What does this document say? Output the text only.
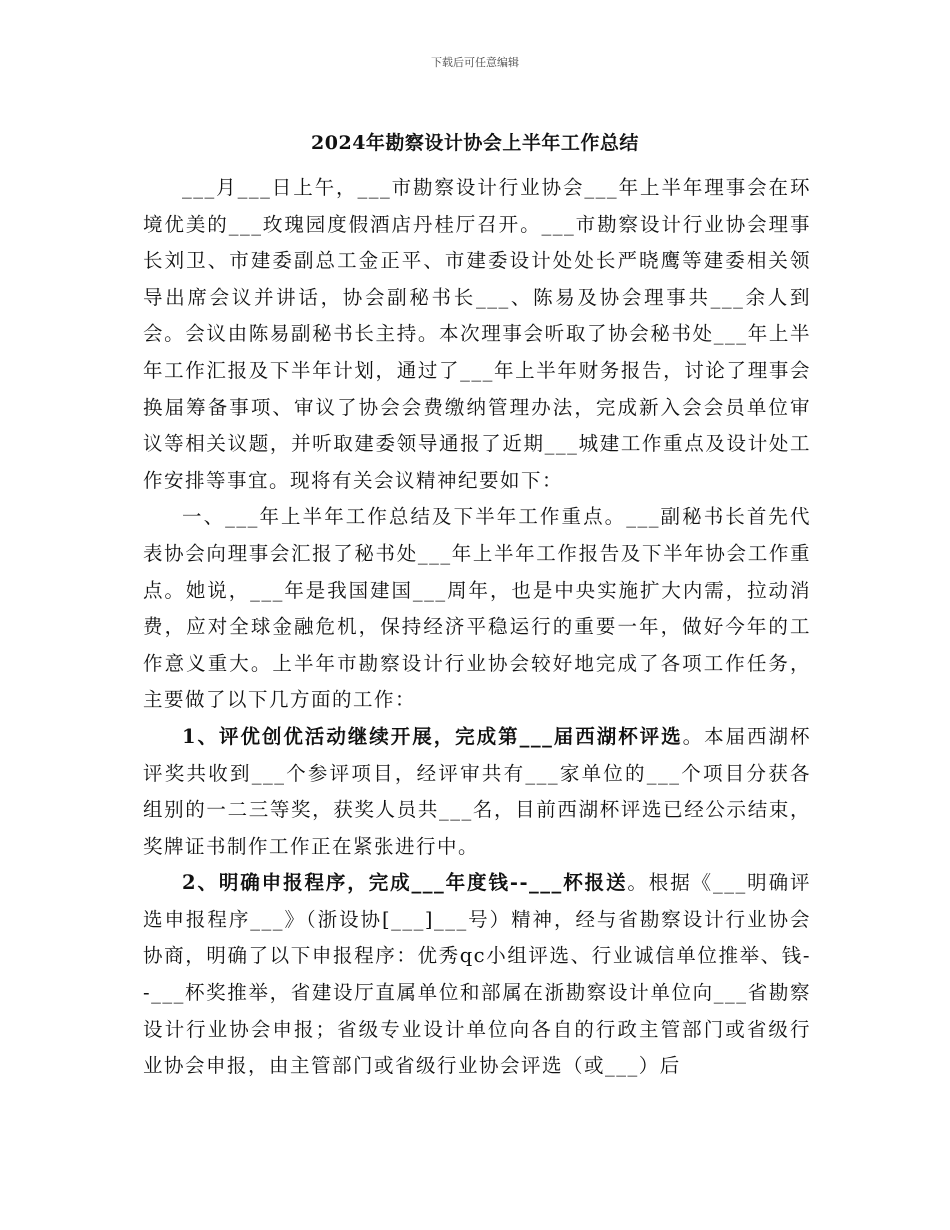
下载后可任意编辑
2024年勘察设计协会上半年工作总结

___月___日上午，___市勘察设计行业协会___年上半年理事会在环境优美的___玫瑰园度假酒店丹桂厅召开。___市勘察设计行业协会理事长刘卫、市建委副总工金正平、市建委设计处处长严晓鹰等建委相关领导出席会议并讲话，协会副秘书长___、陈易及协会理事共___余人到会。会议由陈易副秘书长主持。本次理事会听取了协会秘书处___年上半年工作汇报及下半年计划，通过了___年上半年财务报告，讨论了理事会换届筹备事项、审议了协会会费缴纳管理办法，完成新入会会员单位审议等相关议题，并听取建委领导通报了近期___城建工作重点及设计处工作安排等事宜。现将有关会议精神纪要如下：

一、___年上半年工作总结及下半年工作重点。___副秘书长首先代表协会向理事会汇报了秘书处___年上半年工作报告及下半年协会工作重点。她说，___年是我国建国___周年，也是中央实施扩大内需，拉动消费，应对全球金融危机，保持经济平稳运行的重要一年，做好今年的工作意义重大。上半年市勘察设计行业协会较好地完成了各项工作任务，主要做了以下几方面的工作：

1、评优创优活动继续开展，完成第___届西湖杯评选。本届西湖杯评奖共收到___个参评项目，经评审共有___家单位的___个项目分获各组别的一二三等奖，获奖人员共___名，目前西湖杯评选已经公示结束，奖牌证书制作工作正在紧张进行中。

2、明确申报程序，完成___年度钱--___杯报送。根据《___明确评选申报程序___》（浙设协[___]___号）精神，经与省勘察设计行业协会协商，明确了以下申报程序：优秀qc小组评选、行业诚信单位推举、钱--___杯奖推举，省建设厅直属单位和部属在浙勘察设计单位向___省勘察设计行业协会申报；省级专业设计单位向各自的行政主管部门或省级行业协会申报，由主管部门或省级行业协会评选（或___）后
